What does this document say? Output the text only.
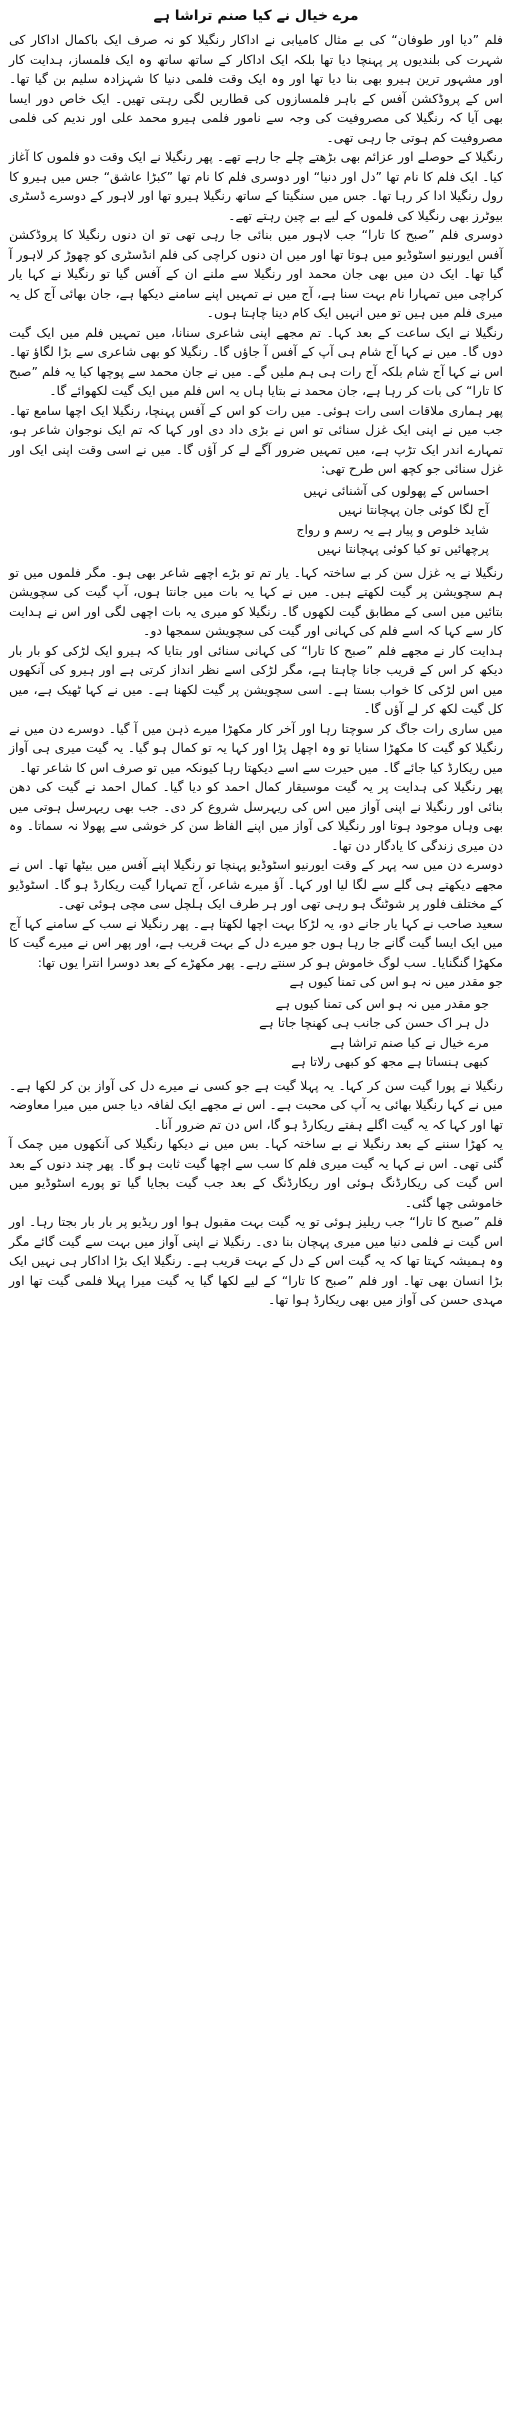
مرے خیال نے کیا صنم تراشا ہے

فلم ”دیا اور طوفان“ کی بے مثال کامیابی نے اداکار رنگیلا کو نہ صرف ایک باکمال اداکار کی شہرت کی بلندیوں پر پہنچا دیا تھا بلکہ ایک اداکار کے ساتھ ساتھ وہ ایک فلمساز، ہدایت کار اور مشہور ترین ہیرو بھی بنا دیا تھا اور وہ ایک وقت فلمی دنیا کا شہزادہ سلیم بن گیا تھا۔ اس کے پروڈکشن آفس کے باہر فلمسازوں کی قطاریں لگی رہتی تھیں۔ ایک خاص دور ایسا بھی آیا کہ رنگیلا کی مصروفیت کی وجہ سے نامور فلمی ہیرو محمد علی اور ندیم کی فلمی مصروفیت کم ہوتی جا رہی تھی۔

رنگیلا کے حوصلے اور عزائم بھی بڑھتے چلے جا رہے تھے۔ پھر رنگیلا نے ایک وقت دو فلموں کا آغاز کیا۔ ایک فلم کا نام تھا ”دل اور دنیا“ اور دوسری فلم کا نام تھا ”کبڑا عاشق“ جس میں ہیرو کا رول رنگیلا ادا کر رہا تھا۔ جس میں سنگیتا کے ساتھ رنگیلا ہیرو تھا اور لاہور کے دوسرے ڈسٹری بیوٹرز بھی رنگیلا کی فلموں کے لیے بے چین رہتے تھے۔

دوسری فلم ”صبح کا تارا“ جب لاہور میں بنائی جا رہی تھی تو ان دنوں رنگیلا کا پروڈکشن آفس ایورنیو اسٹوڈیو میں ہوتا تھا اور میں ان دنوں کراچی کی فلم انڈسٹری کو چھوڑ کر لاہور آ گیا تھا۔ ایک دن میں بھی جان محمد اور رنگیلا سے ملنے ان کے آفس گیا تو رنگیلا نے کہا یار کراچی میں تمہارا نام بہت سنا ہے، آج میں نے تمہیں اپنے سامنے دیکھا ہے، جان بھائی آج کل یہ میری فلم میں ہیں تو میں انہیں ایک کام دینا چاہتا ہوں۔

رنگیلا نے ایک ساعت کے بعد کہا۔ تم مجھے اپنی شاعری سنانا، میں تمہیں فلم میں ایک گیت دوں گا۔ میں نے کہا آج شام ہی آپ کے آفس آ جاؤں گا۔ رنگیلا کو بھی شاعری سے بڑا لگاؤ تھا۔ اس نے کہا آج شام بلکہ آج رات ہی ہم ملیں گے۔ میں نے جان محمد سے پوچھا کیا یہ فلم ”صبح کا تارا“ کی بات کر رہا ہے، جان محمد نے بتایا ہاں یہ اس فلم میں ایک گیت لکھوائے گا۔

پھر ہماری ملاقات اسی رات ہوئی۔ میں رات کو اس کے آفس پہنچا، رنگیلا ایک اچھا سامع تھا۔ جب میں نے اپنی ایک غزل سنائی تو اس نے بڑی داد دی اور کہا کہ تم ایک نوجوان شاعر ہو، تمہارے اندر ایک تڑپ ہے، میں تمہیں ضرور آگے لے کر آؤں گا۔ میں نے اسی وقت اپنی ایک اور غزل سنائی جو کچھ اس طرح تھی:

احساس کے پھولوں کی آشنائی نہیں

آج لگا کوئی جان پہچانتا نہیں

شاید خلوص و پیار ہے یہ رسم و رواج

پرچھائیں تو کیا کوئی پہچانتا نہیں

رنگیلا نے یہ غزل سن کر بے ساختہ کہا۔ یار تم تو بڑے اچھے شاعر بھی ہو۔ مگر فلموں میں تو ہم سچویشن پر گیت لکھتے ہیں۔ میں نے کہا یہ بات میں جانتا ہوں، آپ گیت کی سچویشن بتائیں میں اسی کے مطابق گیت لکھوں گا۔ رنگیلا کو میری یہ بات اچھی لگی اور اس نے ہدایت کار سے کہا کہ اسے فلم کی کہانی اور گیت کی سچویشن سمجھا دو۔

ہدایت کار نے مجھے فلم ”صبح کا تارا“ کی کہانی سنائی اور بتایا کہ ہیرو ایک لڑکی کو بار بار دیکھ کر اس کے قریب جانا چاہتا ہے، مگر لڑکی اسے نظر انداز کرتی ہے اور ہیرو کی آنکھوں میں اس لڑکی کا خواب بستا ہے۔ اسی سچویشن پر گیت لکھنا ہے۔ میں نے کہا ٹھیک ہے، میں کل گیت لکھ کر لے آؤں گا۔

میں ساری رات جاگ کر سوچتا رہا اور آخر کار مکھڑا میرے ذہن میں آ گیا۔ دوسرے دن میں نے رنگیلا کو گیت کا مکھڑا سنایا تو وہ اچھل پڑا اور کہا یہ تو کمال ہو گیا۔ یہ گیت میری ہی آواز میں ریکارڈ کیا جائے گا۔ میں حیرت سے اسے دیکھتا رہا کیونکہ میں تو صرف اس کا شاعر تھا۔

پھر رنگیلا کی ہدایت پر یہ گیت موسیقار کمال احمد کو دیا گیا۔ کمال احمد نے گیت کی دھن بنائی اور رنگیلا نے اپنی آواز میں اس کی ریہرسل شروع کر دی۔ جب بھی ریہرسل ہوتی میں بھی وہاں موجود ہوتا اور رنگیلا کی آواز میں اپنے الفاظ سن کر خوشی سے پھولا نہ سماتا۔ وہ دن میری زندگی کا یادگار دن تھا۔

دوسرے دن میں سہ پہر کے وقت ایورنیو اسٹوڈیو پہنچا تو رنگیلا اپنے آفس میں بیٹھا تھا۔ اس نے مجھے دیکھتے ہی گلے سے لگا لیا اور کہا۔ آؤ میرے شاعر، آج تمہارا گیت ریکارڈ ہو گا۔ اسٹوڈیو کے مختلف فلور پر شوٹنگ ہو رہی تھی اور ہر طرف ایک ہلچل سی مچی ہوئی تھی۔

سعید صاحب نے کہا یار جانے دو، یہ لڑکا بہت اچھا لکھتا ہے۔ پھر رنگیلا نے سب کے سامنے کہا آج میں ایک ایسا گیت گانے جا رہا ہوں جو میرے دل کے بہت قریب ہے، اور پھر اس نے میرے گیت کا مکھڑا گنگنایا۔ سب لوگ خاموش ہو کر سنتے رہے۔ پھر مکھڑے کے بعد دوسرا انترا یوں تھا:

جو مقدر میں نہ ہو اس کی تمنا کیوں ہے

جو مقدر میں نہ ہو اس کی تمنا کیوں ہے

دل ہر اک حسن کی جانب ہی کھنچا جاتا ہے

مرے خیال نے کیا صنم تراشا ہے

کبھی ہنساتا ہے مجھ کو کبھی رلاتا ہے

رنگیلا نے پورا گیت سن کر کہا۔ یہ پہلا گیت ہے جو کسی نے میرے دل کی آواز بن کر لکھا ہے۔ میں نے کہا رنگیلا بھائی یہ آپ کی محبت ہے۔ اس نے مجھے ایک لفافہ دیا جس میں میرا معاوضہ تھا اور کہا کہ یہ گیت اگلے ہفتے ریکارڈ ہو گا، اس دن تم ضرور آنا۔

یہ کھڑا سننے کے بعد رنگیلا نے بے ساختہ کہا۔ بس میں نے دیکھا رنگیلا کی آنکھوں میں چمک آ گئی تھی۔ اس نے کہا یہ گیت میری فلم کا سب سے اچھا گیت ثابت ہو گا۔ پھر چند دنوں کے بعد اس گیت کی ریکارڈنگ ہوئی اور ریکارڈنگ کے بعد جب گیت بجایا گیا تو پورے اسٹوڈیو میں خاموشی چھا گئی۔

فلم ”صبح کا تارا“ جب ریلیز ہوئی تو یہ گیت بہت مقبول ہوا اور ریڈیو پر بار بار بجتا رہا۔ اور اس گیت نے فلمی دنیا میں میری پہچان بنا دی۔ رنگیلا نے اپنی آواز میں بہت سے گیت گائے مگر وہ ہمیشہ کہتا تھا کہ یہ گیت اس کے دل کے بہت قریب ہے۔ رنگیلا ایک بڑا اداکار ہی نہیں ایک بڑا انسان بھی تھا۔ اور فلم ”صبح کا تارا“ کے لیے لکھا گیا یہ گیت میرا پہلا فلمی گیت تھا اور مہدی حسن کی آواز میں بھی ریکارڈ ہوا تھا۔
